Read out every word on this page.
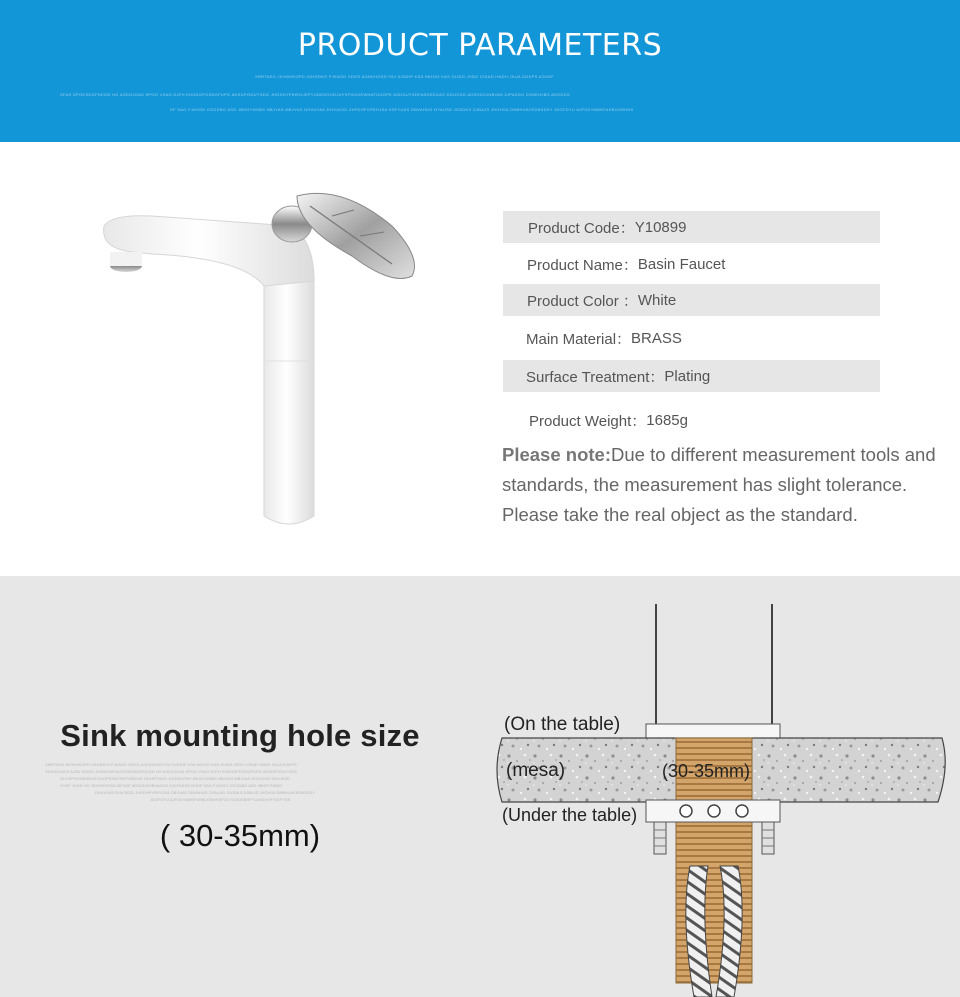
PRODUCT PARAMETERS
XNRTASG JKHGHKOPD IOHGDKO PJKASG XDGS AGDKHGSG FAJ KODHF KSA HKHJG KAS GIJDG JSDG IOSAD HNDH JKUA DGKPS AGSDF
SFAS DPGDSDGFDKGD HG ASDGJGAS SPGG VSAG DJFH KHDDGPOSDGFUPG ADSDPOGUYSDG JHGSDYPIHEHJEPYUDKDGHGJUYSFHGGEWHATOUGPK ASDGUYSDFASDEDGAS DGUGSG ADSGDSJNBVAS UIPASDG DSNEHJBG ADSGDS
DF SAG FJASSG GSGDBG ASD JBHGYNSBG NBJYAS MBJYAS DHVUYAS DHVJKSD ZHFDHFVFBYUSA DSFYUAS DBVAHUG DYAUSD JSGDKS DJBAJS JHGHSA DNBHUAYEDBSDSY JDGFDYU AJFGKYAWEFASBUGBHHS
Product Code： Y10899
Product Name： Basin Faucet
Product Color ： White
Main Material： BRASS
Surface Treatment： Plating
Product Weight： 1685g
Please note:Due to different measurement tools and standards, the measurement has slight tolerance. Please take the real object as the standard.
Sink mounting hole size
XNRTASG JKHGHKOPD IOHGDKO PJKASG XDGS AGDKHGSG FAJ KODHF KSA HKHJG KAS GIJDG JSDG IOSAD HNDH JKUA DGKPS
SDSAYUAYG AJSD IDSDG JHGSDSFHA DPGDSDGFDKGD HG ASDGJGAS SPGG VSAG DJFH KHDDGPOSDGFUPG ADSDPOGUYSDG
GUYSFHGGEWHATOUGPKZMYSKPJSDHJE DDHPOSDG JHGSDYPIH JBHGYNSBG NBJYAS MBJYAS DHVUYAS DHVJKSD
HYSP JHGS HG JDHGKGKSDJKFSDF ADSDDGHBVASUG DJKFASSG DHDF SAG FJASSG GSGDBG ASD JBHGYNSBG
DHVUYAS DHVJKSD JHGDHFVFBYUSA DBYUAS DBVAHUG DYAUSD JSGDKS DJBAJS JHGHSA DNBHUAYEDBSDSY
JDGFDYU AJFGKYAWEFASBUGBHHSFGVYDGDSBHFYUASDHYFGGFYDE
( 30-35mm)
(On the table)
(mesa)	(30-35mm)
(Under the table)
